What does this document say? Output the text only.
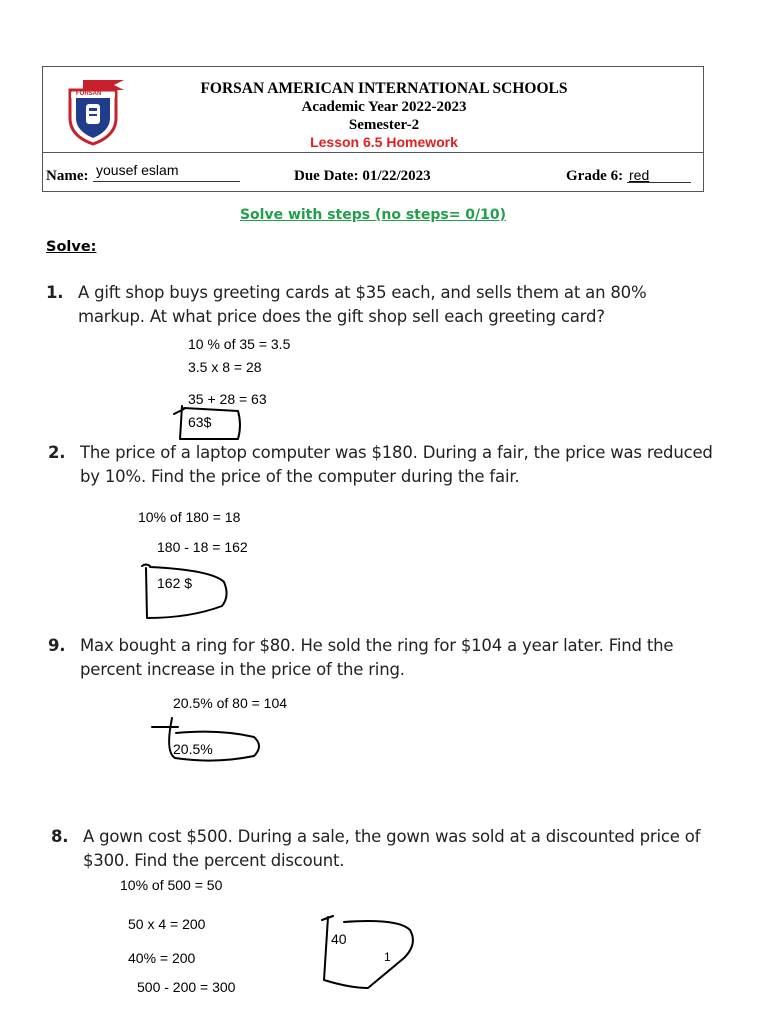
FORSAN	FORSAN AMERICAN INTERNATIONAL SCHOOLS
Academic Year 2022-2023
Semester-2
Lesson 6.5 Homework
Name: yousef eslam	Due Date: 01/22/2023	Grade 6: red
Solve with steps (no steps= 0/10)
Solve:
1. A gift shop buys greeting cards at $35 each, and sells them at an 80%
markup. At what price does the gift shop sell each greeting card?
10 % of 35 = 3.5
3.5 x 8 = 28
35 + 28 = 63
63$
2. The price of a laptop computer was $180. During a fair, the price was reduced
by 10%. Find the price of the computer during the fair.
10% of 180 = 18
180 - 18 = 162
162 $
9. Max bought a ring for $80. He sold the ring for $104 a year later. Find the
percent increase in the price of the ring.
20.5% of 80 = 104
20.5%
8. A gown cost $500. During a sale, the gown was sold at a discounted price of
$300. Find the percent discount.
10% of 500 = 50
50 x 4 = 200
40% = 200
500 - 200 = 300
40
1
